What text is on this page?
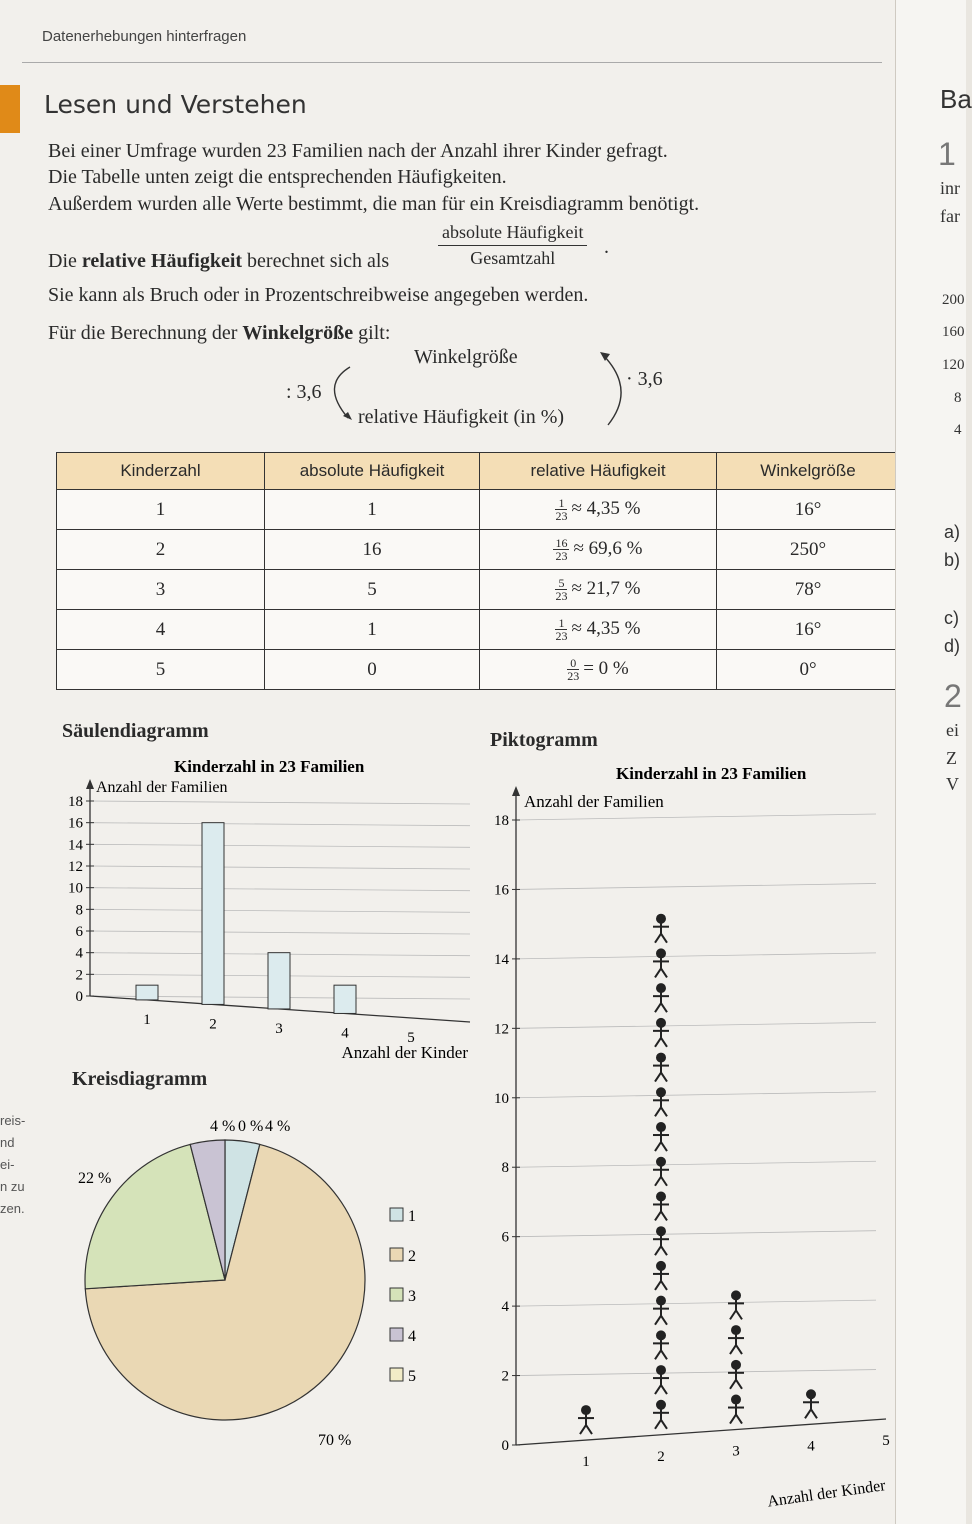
Datenerhebungen hinterfragen
Lesen und Verstehen
Bei einer Umfrage wurden 23 Familien nach der Anzahl ihrer Kinder gefragt.
Die Tabelle unten zeigt die entsprechenden Häufigkeiten.
Außerdem wurden alle Werte bestimmt, die man für ein Kreisdiagramm benötigt.
Die relative Häufigkeit berechnet sich als
absolute Häufigkeit
Gesamtzahl	.
Sie kann als Bruch oder in Prozentschreibweise angegeben werden.
Für die Berechnung der Winkelgröße gilt:
Winkelgröße
relative Häufigkeit (in %)
: 3,6
· 3,6
Kinderzahl	absolute Häufigkeit	relative Häufigkeit	Winkelgröße
1	1	$\frac{1}{23} \approx 4,35$ %	16°
2	16	$\frac{16}{23} \approx 69,6$ %	250°
3	5	$\frac{5}{23} \approx 21,7$ %	78°
4	1	$\frac{1}{23} \approx 4,35$ %	16°
5	0	$\frac{0}{23} = 0$ %	0°
Säulendiagramm
Kreisdiagramm
Piktogramm
Kinderzahl in 23 Familien
Anzahl der Familien
0
2
4
6
8
10
12
14
16
18
1	2	3	4	5
Anzahl der Kinder
4 %
70 %
22 %
4 % 0 %
1
2
3
4
5
Kinderzahl in 23 Familien
Anzahl der Familien
0
2
4
6
8
10
12
14
16
18
1	2	3	4	5
Anzahl der Kinder
reis-
nd
ei-
n zu
zen.
Ba
1
inr
far
200
160
120
8
4
a)
b)
c)
d)
2
ei
Z
V
